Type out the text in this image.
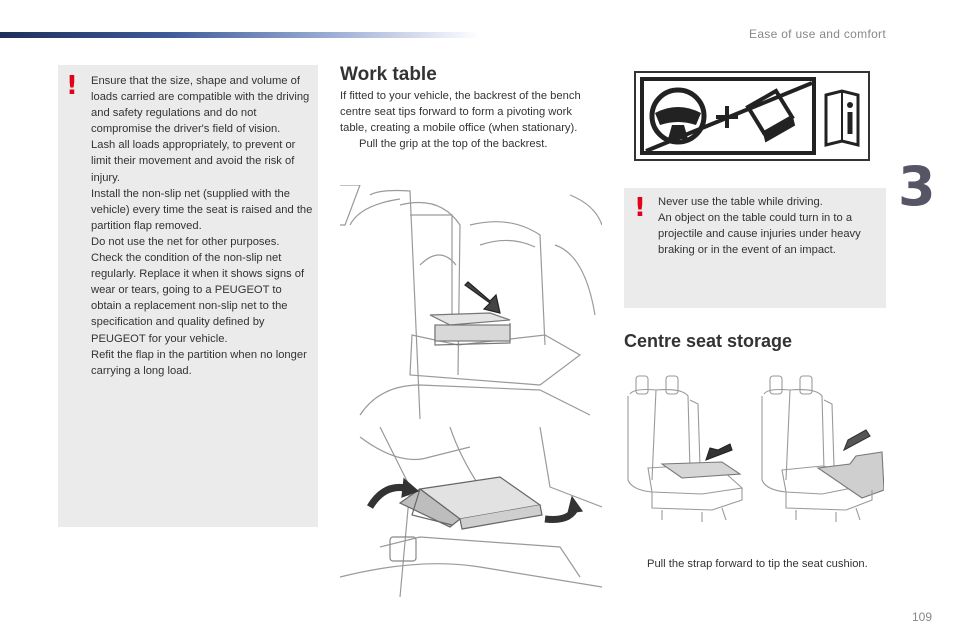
Ease of use and comfort
3
! Ensure that the size, shape and volume of loads carried are compatible with the driving and safety regulations and do not compromise the driver's field of vision.

Lash all loads appropriately, to prevent or limit their movement and avoid the risk of injury.

Install the non-slip net (supplied with the vehicle) every time the seat is raised and the partition flap removed.

Do not use the net for other purposes.

Check the condition of the non-slip net regularly. Replace it when it shows signs of wear or tears, going to a PEUGEOT to obtain a replacement non-slip net to the specification and quality defined by PEUGEOT for your vehicle.

Refit the flap in the partition when no longer carrying a long load.

Work table

If fitted to your vehicle, the backrest of the bench centre seat tips forward to form a pivoting work table, creating a mobile office (when stationary).

Pull the grip at the top of the backrest.

! Never use the table while driving.

An object on the table could turn in to a projectile and cause injuries under heavy braking or in the event of an impact.

Centre seat storage

Pull the strap forward to tip the seat cushion.

109
